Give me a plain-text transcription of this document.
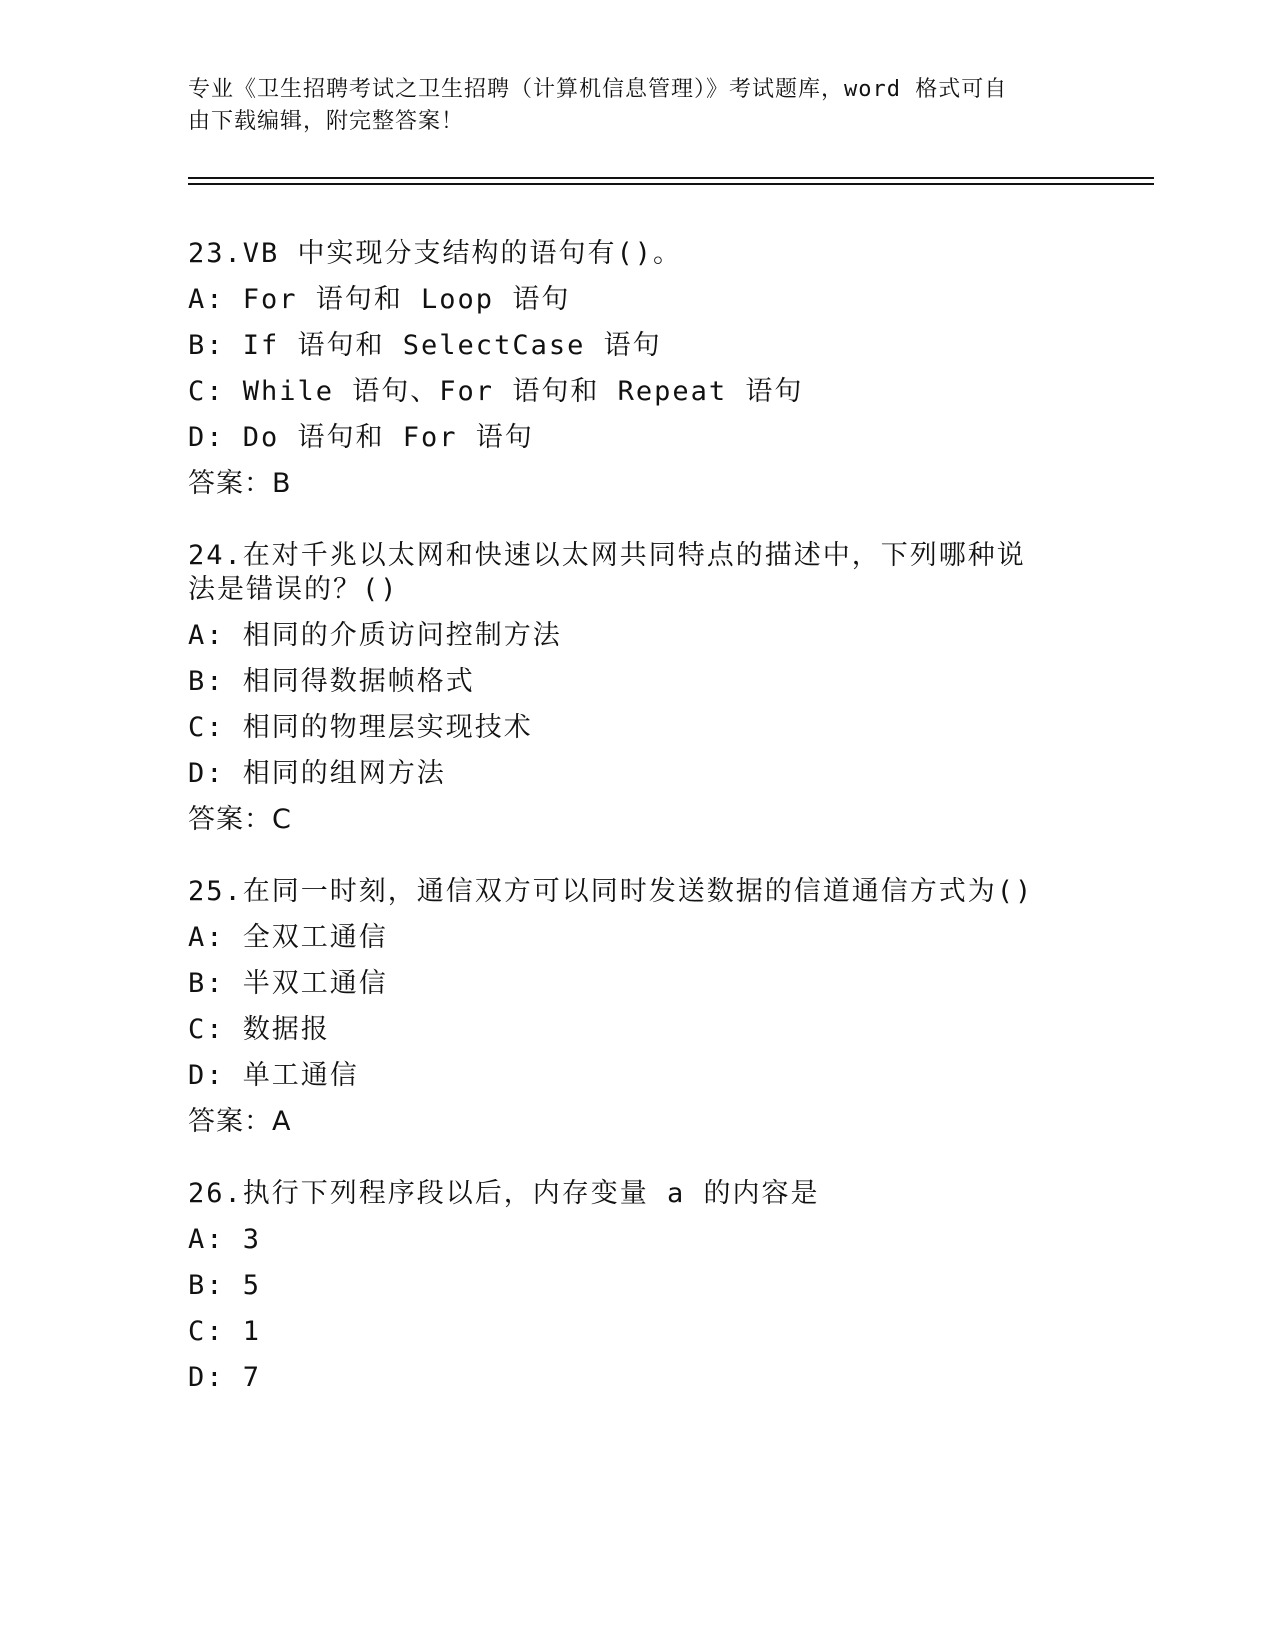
专业《卫生招聘考试之卫生招聘（计算机信息管理）》考试题库，word 格式可自
由下载编辑，附完整答案！

23.VB 中实现分支结构的语句有()。

A: For 语句和 Loop 语句

B: If 语句和 SelectCase 语句

C: While 语句、For 语句和 Repeat 语句

D: Do 语句和 For 语句

答案：B

24.在对千兆以太网和快速以太网共同特点的描述中，下列哪种说法是错误的？()

A: 相同的介质访问控制方法

B: 相同得数据帧格式

C: 相同的物理层实现技术

D: 相同的组网方法

答案：C

25.在同一时刻，通信双方可以同时发送数据的信道通信方式为()

A: 全双工通信

B: 半双工通信

C: 数据报

D: 单工通信

答案：A

26.执行下列程序段以后，内存变量 a 的内容是

A: 3

B: 5

C: 1

D: 7
